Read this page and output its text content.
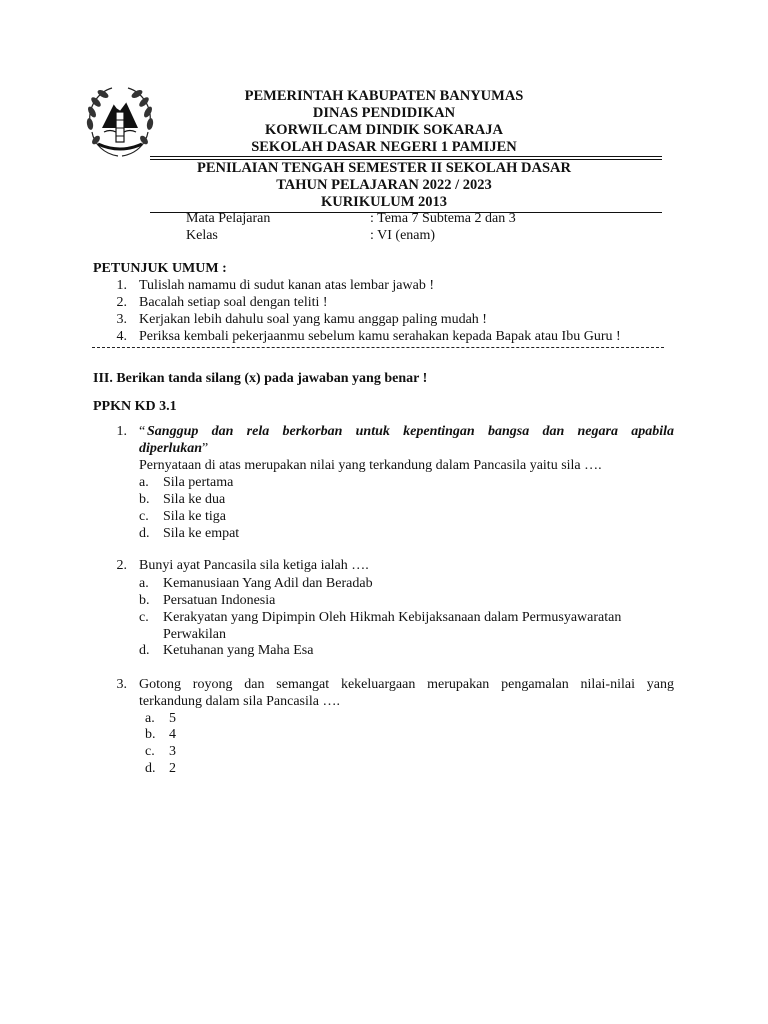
PEMERINTAH KABUPATEN BANYUMAS
DINAS PENDIDIKAN
KORWILCAM DINDIK SOKARAJA
SEKOLAH DASAR NEGERI 1 PAMIJEN
PENILAIAN TENGAH SEMESTER II SEKOLAH DASAR
TAHUN PELAJARAN 2022 / 2023
KURIKULUM 2013
Mata Pelajaran	: Tema 7 Subtema 2 dan 3
Kelas	: VI (enam)
PETUNJUK UMUM :
1. Tulislah namamu di sudut kanan atas lembar jawab !
2. Bacalah setiap soal dengan teliti !
3. Kerjakan lebih dahulu soal yang kamu anggap paling mudah !
4. Periksa kembali pekerjaanmu sebelum kamu serahakan kepada Bapak atau Ibu Guru !
III. Berikan tanda silang (x) pada jawaban yang benar !
PPKN KD 3.1
1. “ Sanggup dan rela berkorban untuk kepentingan bangsa dan negara apabila
diperlukan”
Pernyataan di atas merupakan nilai yang terkandung dalam Pancasila yaitu sila ….
a. Sila pertama
b. Sila ke dua
c. Sila ke tiga
d. Sila ke empat
2. Bunyi ayat Pancasila sila ketiga ialah ….
a. Kemanusiaan Yang Adil dan Beradab
b. Persatuan Indonesia
c. Kerakyatan yang Dipimpin Oleh Hikmah Kebijaksanaan dalam Permusyawaratan
Perwakilan
d. Ketuhanan yang Maha Esa
3. Gotong royong dan semangat kekeluargaan merupakan pengamalan nilai-nilai yang
terkandung dalam sila Pancasila ….
a. 5
b. 4
c. 3
d. 2
